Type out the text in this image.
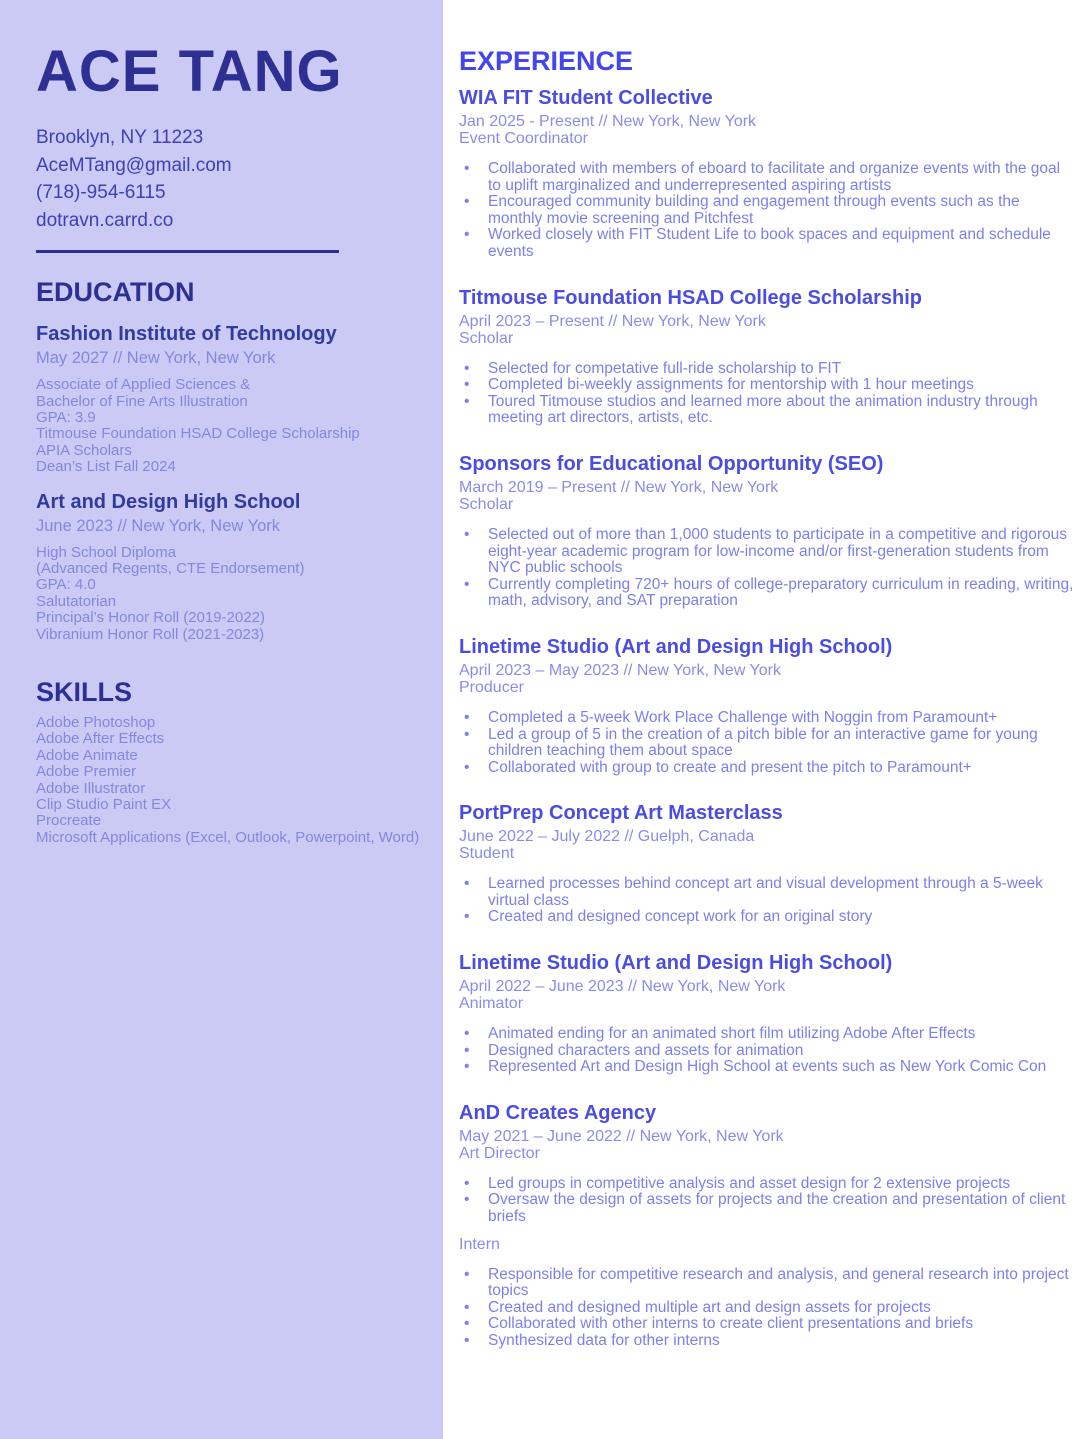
ACE TANG
Brooklyn, NY 11223
AceMTang@gmail.com
(718)-954-6115
dotravn.carrd.co
EDUCATION
Fashion Institute of Technology
May 2027 // New York, New York
Associate of Applied Sciences &
Bachelor of Fine Arts Illustration
GPA: 3.9
Titmouse Foundation HSAD College Scholarship
APIA Scholars
Dean’s List Fall 2024
Art and Design High School
June 2023 // New York, New York
High School Diploma
(Advanced Regents, CTE Endorsement)
GPA: 4.0
Salutatorian
Principal’s Honor Roll (2019-2022)
Vibranium Honor Roll (2021-2023)
SKILLS
Adobe Photoshop
Adobe After Effects
Adobe Animate
Adobe Premier
Adobe Illustrator
Clip Studio Paint EX
Procreate
Microsoft Applications (Excel, Outlook, Powerpoint, Word)
EXPERIENCE
WIA FIT Student Collective
Jan 2025 - Present // New York, New York
Event Coordinator
•	Collaborated with members of eboard to facilitate and organize events with the goal to uplift marginalized and underrepresented aspiring artists
•	Encouraged community building and engagement through events such as the monthly movie screening and Pitchfest
•	Worked closely with FIT Student Life to book spaces and equipment and schedule events
Titmouse Foundation HSAD College Scholarship
April 2023 – Present // New York, New York
Scholar
•	Selected for competative full-ride scholarship to FIT
•	Completed bi-weekly assignments for mentorship with 1 hour meetings
•	Toured Titmouse studios and learned more about the animation industry through meeting art directors, artists, etc.
Sponsors for Educational Opportunity (SEO)
March 2019 – Present // New York, New York
Scholar
•	Selected out of more than 1,000 students to participate in a competitive and rigorous eight-year academic program for low-income and/or first-generation students from NYC public schools
•	Currently completing 720+ hours of college-preparatory curriculum in reading, writing, math, advisory, and SAT preparation
Linetime Studio (Art and Design High School)
April 2023 – May 2023 // New York, New York
Producer
•	Completed a 5-week Work Place Challenge with Noggin from Paramount+
•	Led a group of 5 in the creation of a pitch bible for an interactive game for young children teaching them about space
•	Collaborated with group to create and present the pitch to Paramount+
PortPrep Concept Art Masterclass
June 2022 – July 2022 // Guelph, Canada
Student
•	Learned processes behind concept art and visual development through a 5-week virtual class
•	Created and designed concept work for an original story
Linetime Studio (Art and Design High School)
April 2022 – June 2023 // New York, New York
Animator
•	Animated ending for an animated short film utilizing Adobe After Effects
•	Designed characters and assets for animation
•	Represented Art and Design High School at events such as New York Comic Con
AnD Creates Agency
May 2021 – June 2022 // New York, New York
Art Director
•	Led groups in competitive analysis and asset design for 2 extensive projects
•	Oversaw the design of assets for projects and the creation and presentation of client briefs
Intern
•	Responsible for competitive research and analysis, and general research into project topics
•	Created and designed multiple art and design assets for projects
•	Collaborated with other interns to create client presentations and briefs
•	Synthesized data for other interns
